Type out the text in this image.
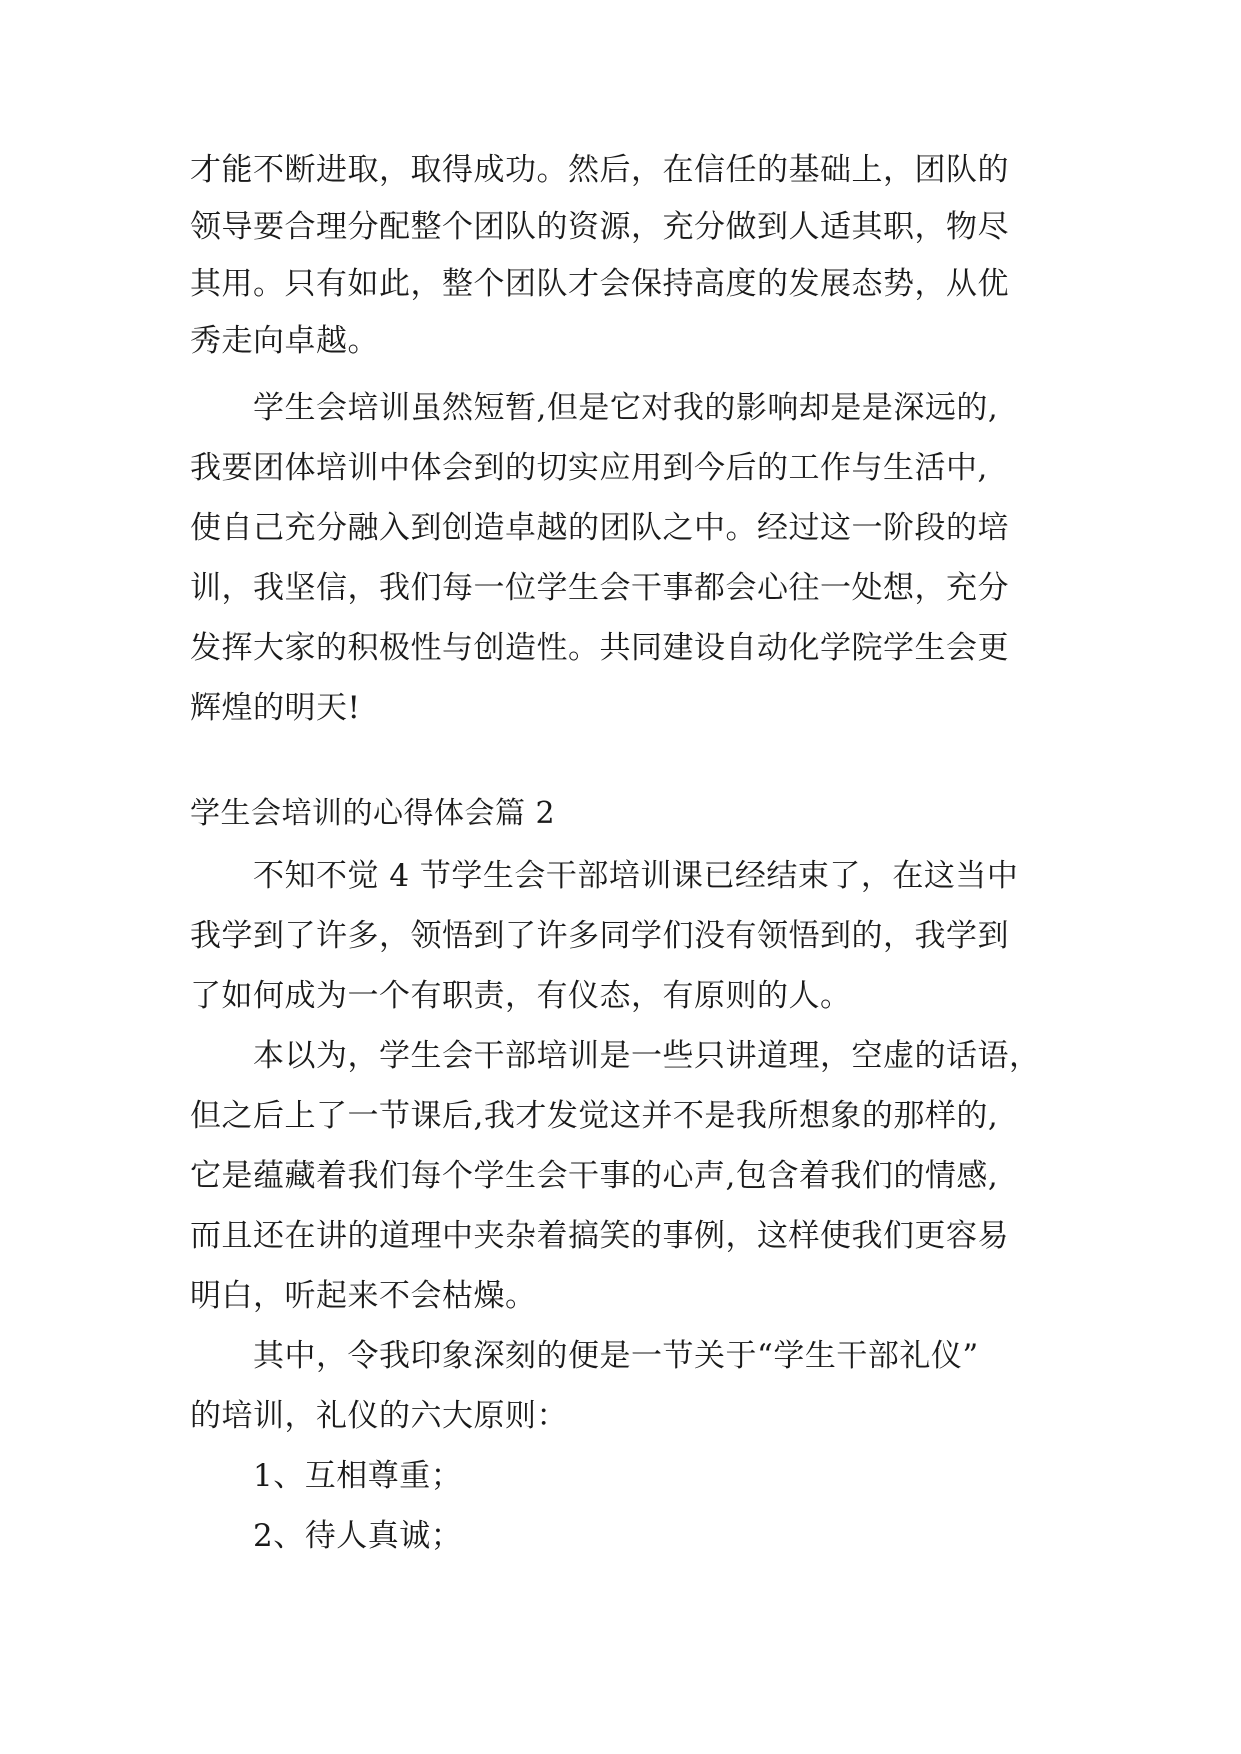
才能不断进取，取得成功。然后，在信任的基础上，团队的
领导要合理分配整个团队的资源，充分做到人适其职，物尽
其用。只有如此，整个团队才会保持高度的发展态势，从优
秀走向卓越。
学生会培训虽然短暂,但是它对我的影响却是是深远的,
我要团体培训中体会到的切实应用到今后的工作与生活中,
使自己充分融入到创造卓越的团队之中。经过这一阶段的培
训，我坚信，我们每一位学生会干事都会心往一处想，充分
发挥大家的积极性与创造性。共同建设自动化学院学生会更
辉煌的明天!
学生会培训的心得体会篇 2
不知不觉 4 节学生会干部培训课已经结束了，在这当中
我学到了许多，领悟到了许多同学们没有领悟到的，我学到
了如何成为一个有职责，有仪态，有原则的人。
本以为，学生会干部培训是一些只讲道理，空虚的话语，
但之后上了一节课后,我才发觉这并不是我所想象的那样的,
它是蕴藏着我们每个学生会干事的心声,包含着我们的情感,
而且还在讲的道理中夹杂着搞笑的事例，这样使我们更容易
明白，听起来不会枯燥。
其中，令我印象深刻的便是一节关于“学生干部礼仪”
的培训，礼仪的六大原则：
1、互相尊重；
2、待人真诚；
